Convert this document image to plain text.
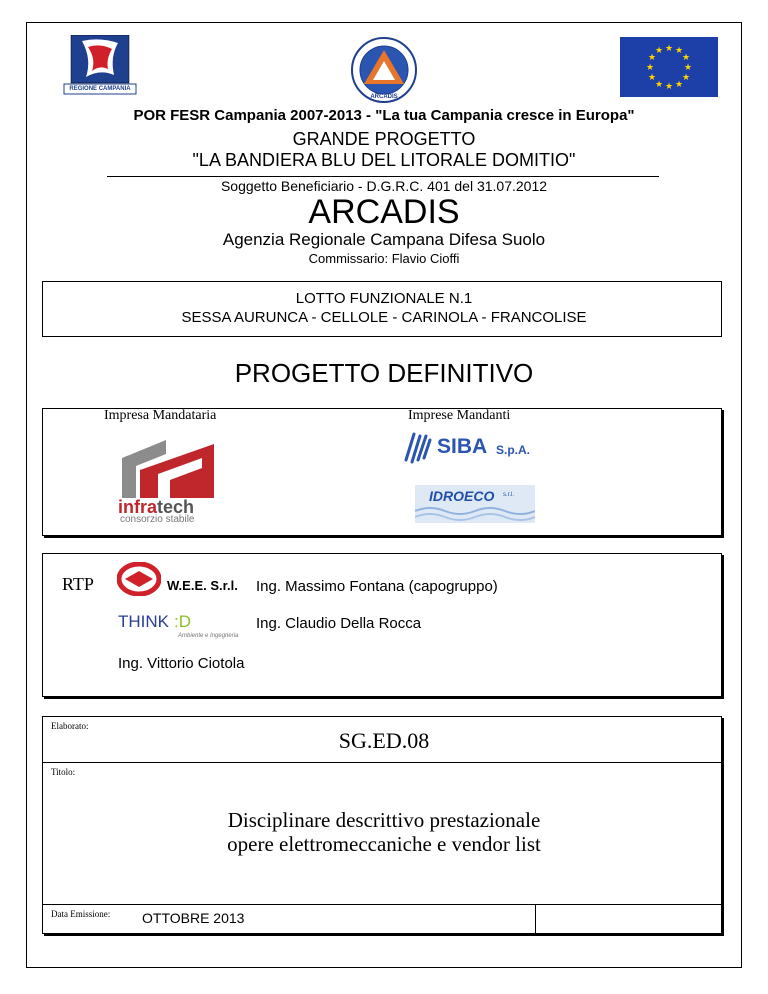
REGIONE CAMPANIA
ARCADIS
★ ★
★
★
★
★
★
★
★
★
★
★
POR FESR Campania 2007-2013 - "La tua Campania cresce in Europa"
GRANDE PROGETTO
"LA BANDIERA BLU DEL LITORALE DOMITIO"
Soggetto Beneficiario - D.G.R.C. 401 del 31.07.2012
ARCADIS
Agenzia Regionale Campana Difesa Suolo
Commissario: Flavio Cioffi
LOTTO FUNZIONALE N.1
SESSA AURUNCA - CELLOLE - CARINOLA - FRANCOLISE
PROGETTO DEFINITIVO
Impresa Mandataria	Imprese Mandanti
infratech
consorzio stabile
SIBA S.p.A.
IDROECO s.r.l.
RTP	W.E.E. S.r.l. Ing. Massimo Fontana (capogruppo)
THINK :D
Ambiente e Ingegneria
Ing. Claudio Della Rocca
Ing. Vittorio Ciotola
Elaborato:
SG.ED.08
Titolo:
Disciplinare descrittivo prestazionale
opere elettromeccaniche e vendor list
Data Emissione: OTTOBRE 2013
